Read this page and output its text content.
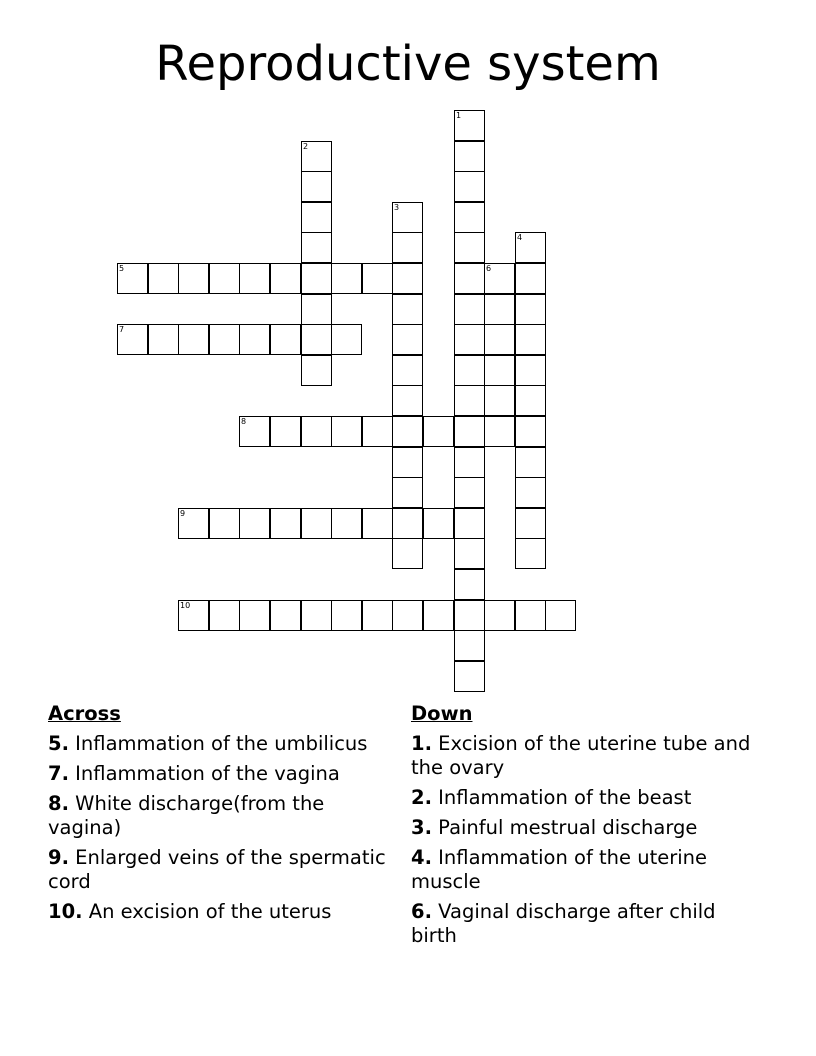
Reproductive system
1
2
3
4
5	6
7
8
9
10
Across
5. Inflammation of the umbilicus
7. Inflammation of the vagina
8. White discharge(from the vagina)
9. Enlarged veins of the spermatic cord
10. An excision of the uterus
Down
1. Excision of the uterine tube and the ovary
2. Inflammation of the beast
3. Painful mestrual discharge
4. Inflammation of the uterine muscle
6. Vaginal discharge after child birth
